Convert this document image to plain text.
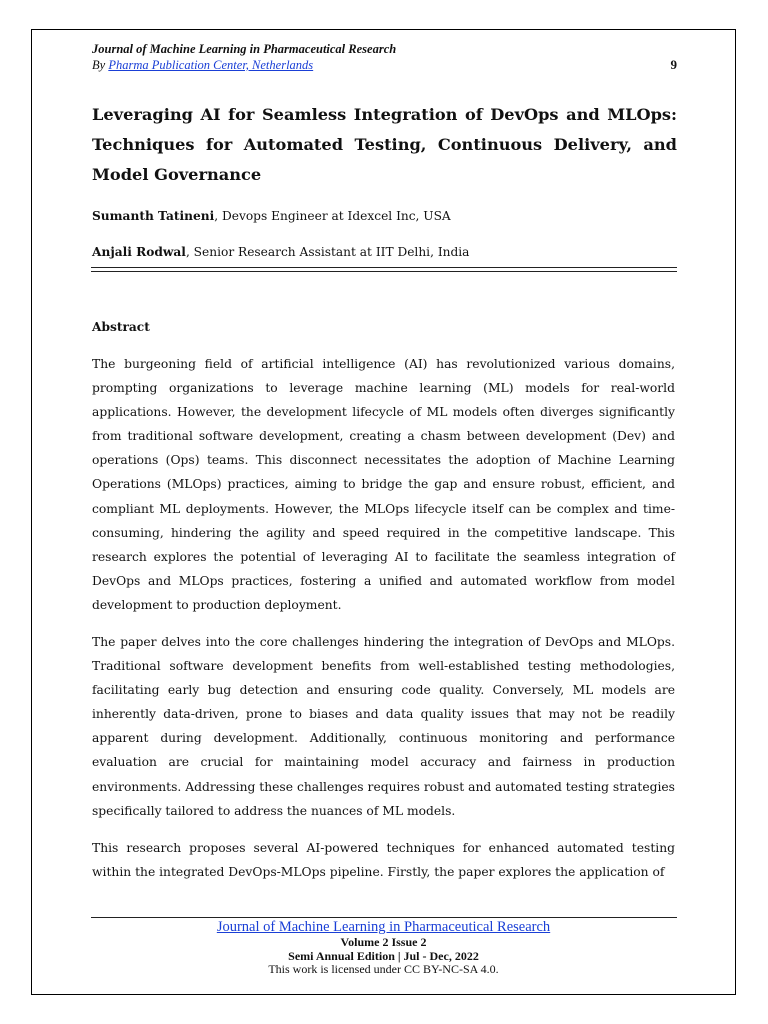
Journal of Machine Learning in Pharmaceutical Research
By Pharma Publication Center, Netherlands	9
Leveraging AI for Seamless Integration of DevOps and MLOps: Techniques for Automated Testing, Continuous Delivery, and Model Governance
Sumanth Tatineni, Devops Engineer at Idexcel Inc, USA
Anjali Rodwal, Senior Research Assistant at IIT Delhi, India
Abstract

The burgeoning field of artificial intelligence (AI) has revolutionized various domains, prompting organizations to leverage machine learning (ML) models for real-world applications. However, the development lifecycle of ML models often diverges significantly from traditional software development, creating a chasm between development (Dev) and operations (Ops) teams. This disconnect necessitates the adoption of Machine Learning Operations (MLOps) practices, aiming to bridge the gap and ensure robust, efficient, and compliant ML deployments. However, the MLOps lifecycle itself can be complex and time-consuming, hindering the agility and speed required in the competitive landscape. This research explores the potential of leveraging AI to facilitate the seamless integration of DevOps and MLOps practices, fostering a unified and automated workflow from model development to production deployment.

The paper delves into the core challenges hindering the integration of DevOps and MLOps. Traditional software development benefits from well-established testing methodologies, facilitating early bug detection and ensuring code quality. Conversely, ML models are inherently data-driven, prone to biases and data quality issues that may not be readily apparent during development. Additionally, continuous monitoring and performance evaluation are crucial for maintaining model accuracy and fairness in production environments. Addressing these challenges requires robust and automated testing strategies specifically tailored to address the nuances of ML models.

This research proposes several AI-powered techniques for enhanced automated testing within the integrated DevOps-MLOps pipeline. Firstly, the paper explores the application of

Journal of Machine Learning in Pharmaceutical Research
Volume 2 Issue 2
Semi Annual Edition | Jul - Dec, 2022
This work is licensed under CC BY-NC-SA 4.0.
